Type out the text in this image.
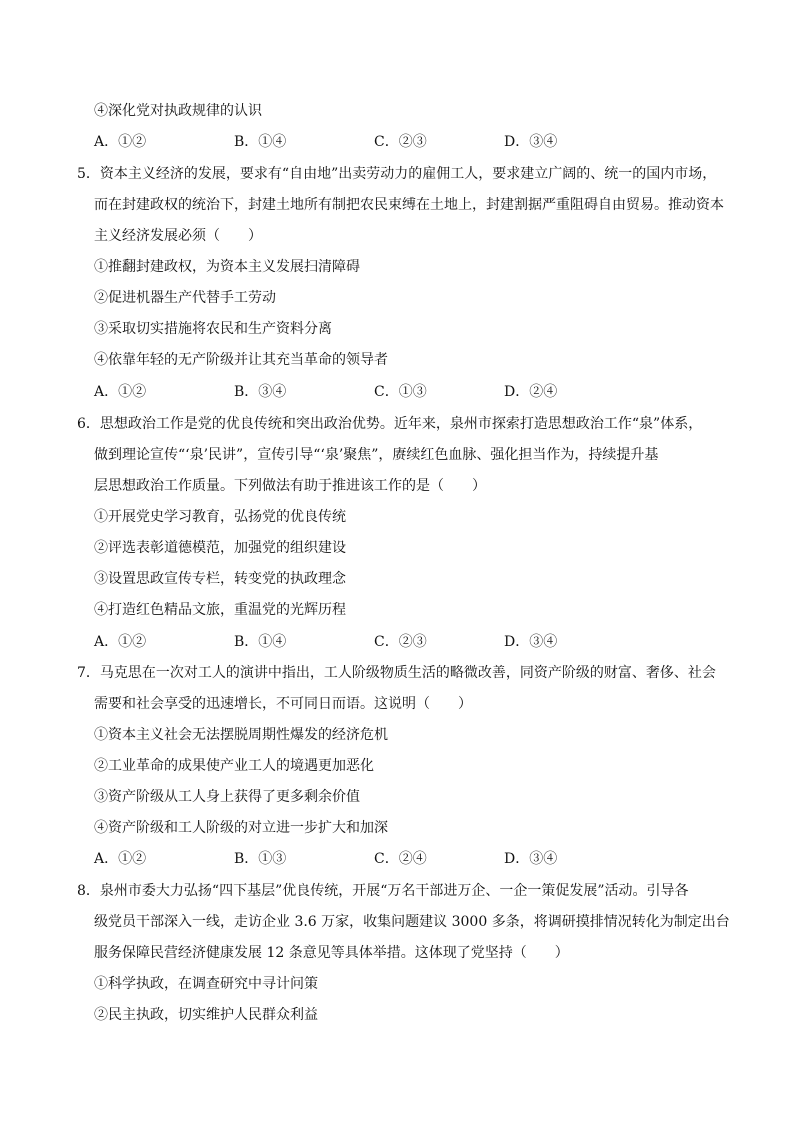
④深化党对执政规律的认识
A．①②	B．①④	C．②③	D．③④
5．资本主义经济的发展，要求有“自由地”出卖劳动力的雇佣工人，要求建立广阔的、统一的国内市场，
而在封建政权的统治下，封建土地所有制把农民束缚在土地上，封建割据严重阻碍自由贸易。推动资本
主义经济发展必须（　　）
①推翻封建政权，为资本主义发展扫清障碍
②促进机器生产代替手工劳动
③采取切实措施将农民和生产资料分离
④依靠年轻的无产阶级并让其充当革命的领导者
A．①②	B．③④	C．①③	D．②④
6．思想政治工作是党的优良传统和突出政治优势。近年来，泉州市探索打造思想政治工作“泉”体系，
做到理论宣传“‘泉’民讲”，宣传引导“‘泉’聚焦”，赓续红色血脉、强化担当作为，持续提升基
层思想政治工作质量。下列做法有助于推进该工作的是（　　）
①开展党史学习教育，弘扬党的优良传统
②评选表彰道德模范，加强党的组织建设
③设置思政宣传专栏，转变党的执政理念
④打造红色精品文旅，重温党的光辉历程
A．①②	B．①④	C．②③	D．③④
7．马克思在一次对工人的演讲中指出，工人阶级物质生活的略微改善，同资产阶级的财富、奢侈、社会
需要和社会享受的迅速增长，不可同日而语。这说明（　　）
①资本主义社会无法摆脱周期性爆发的经济危机
②工业革命的成果使产业工人的境遇更加恶化
③资产阶级从工人身上获得了更多剩余价值
④资产阶级和工人阶级的对立进一步扩大和加深
A．①②	B．①③	C．②④	D．③④
8．泉州市委大力弘扬“四下基层”优良传统，开展“万名干部进万企、一企一策促发展”活动。引导各
级党员干部深入一线，走访企业 3.6 万家，收集问题建议 3000 多条，将调研摸排情况转化为制定出台
服务保障民营经济健康发展 12 条意见等具体举措。这体现了党坚持（　　）
①科学执政，在调查研究中寻计问策
②民主执政，切实维护人民群众利益
